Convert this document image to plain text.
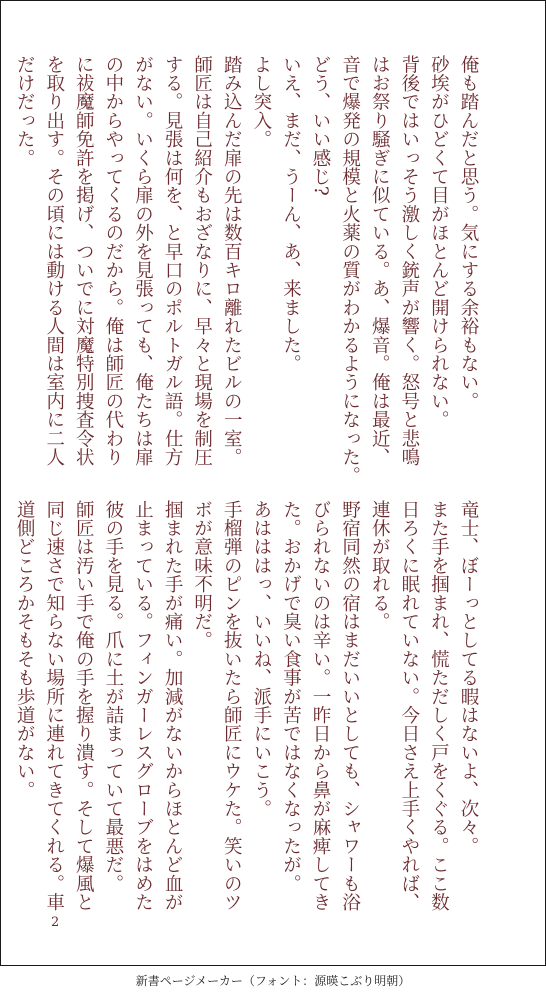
俺も踏んだと思う。気にする余裕もない。
砂埃がひどくて目がほとんど開けられない。
背後ではいっそう激しく銃声が響く。怒号と悲鳴
はお祭り騒ぎに似ている。あ、爆音。俺は最近、
音で爆発の規模と火薬の質がわかるようになった。
どう、いい感じ?
いえ、まだ、うーん、あ、来ました。
よし突入。
踏み込んだ扉の先は数百キロ離れたビルの一室。
師匠は自己紹介もおざなりに、早々と現場を制圧
する。見張は何を、と早口のポルトガル語。仕方
がない。いくら扉の外を見張っても、俺たちは扉
の中からやってくるのだから。俺は師匠の代わり
に祓魔師免許を掲げ、ついでに対魔特別捜査令状
を取り出す。その頃には動ける人間は室内に二人
だけだった。
竜士、ぼーっとしてる暇はないよ、次々。
また手を掴まれ、慌ただしく戸をくぐる。ここ数
日ろくに眠れていない。今日さえ上手くやれば、
連休が取れる。
野宿同然の宿はまだいいとしても、シャワーも浴
びられないのは辛い。一昨日から鼻が麻痺してき
た。おかげで臭い食事が苦ではなくなったが。
あはははっ、いいね、派手にいこう。
手榴弾のピンを抜いたら師匠にウケた。笑いのツ
ボが意味不明だ。
掴まれた手が痛い。加減がないからほとんど血が
止まっている。フィンガーレスグローブをはめた
彼の手を見る。爪に土が詰まっていて最悪だ。
師匠は汚い手で俺の手を握り潰す。そして爆風と
同じ速さで知らない場所に連れてきてくれる。車
道側どころかそもそも歩道がない。
2
新書ページメーカー（フォント：源暎こぶり明朝）
